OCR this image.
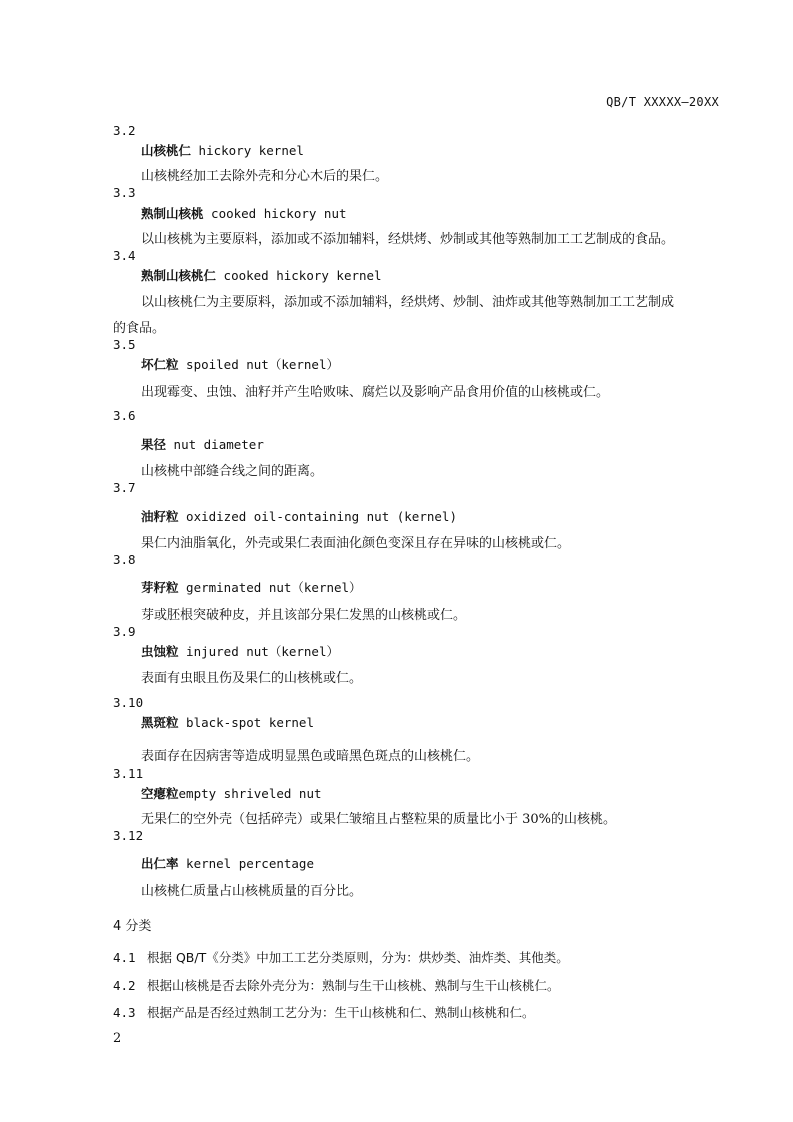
QB/T XXXXX—20XX
3.2
山核桃仁 hickory kernel
山核桃经加工去除外壳和分心木后的果仁。
3.3
熟制山核桃 cooked hickory nut
以山核桃为主要原料，添加或不添加辅料，经烘烤、炒制或其他等熟制加工工艺制成的食品。
3.4
熟制山核桃仁 cooked hickory kernel
以山核桃仁为主要原料，添加或不添加辅料，经烘烤、炒制、油炸或其他等熟制加工工艺制成
的食品。
3.5
坏仁粒 spoiled nut（kernel）
出现霉变、虫蚀、油籽并产生哈败味、腐烂以及影响产品食用价值的山核桃或仁。
3.6
果径 nut diameter
山核桃中部缝合线之间的距离。
3.7
油籽粒 oxidized oil-containing nut (kernel)
果仁内油脂氧化，外壳或果仁表面油化颜色变深且存在异味的山核桃或仁。
3.8
芽籽粒 germinated nut（kernel）
芽或胚根突破种皮，并且该部分果仁发黑的山核桃或仁。
3.9
虫蚀粒 injured nut（kernel）
表面有虫眼且伤及果仁的山核桃或仁。
3.10
黑斑粒 black-spot kernel
表面存在因病害等造成明显黑色或暗黑色斑点的山核桃仁。
3.11
空瘪粒empty shriveled nut
无果仁的空外壳（包括碎壳）或果仁皱缩且占整粒果的质量比小于 30%的山核桃。
3.12
出仁率 kernel percentage
山核桃仁质量占山核桃质量的百分比。
4 分类
4.1 根据 QB/T《分类》中加工工艺分类原则，分为：烘炒类、油炸类、其他类。
4.2 根据山核桃是否去除外壳分为：熟制与生干山核桃、熟制与生干山核桃仁。
4.3 根据产品是否经过熟制工艺分为：生干山核桃和仁、熟制山核桃和仁。
2
